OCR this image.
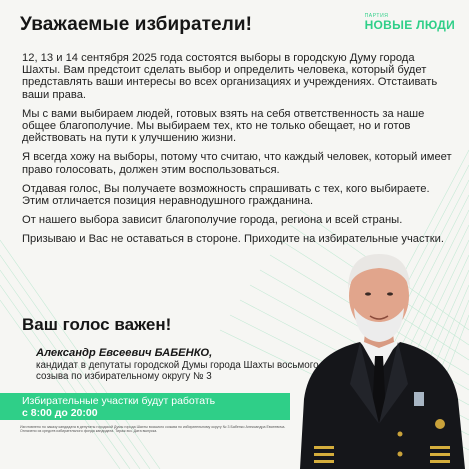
Уважаемые избиратели!	ПАРТИЯ
НОВЫЕ ЛЮДИ

12, 13 и 14 сентября 2025 года состоятся выборы в городскую Думу города Шахты. Вам предстоит сделать выбор и определить человека, который будет представлять ваши интересы во всех организациях и учреждениях. Отстаивать ваши права.

Мы с вами выбираем людей, готовых взять на себя ответственность за наше общее благополучие. Мы выбираем тех, кто не только обещает, но и готов действовать на пути к улучшению жизни.

Я всегда хожу на выборы, потому что считаю, что каждый человек, который имеет право голосовать, должен этим воспользоваться.

Отдавая голос, Вы получаете возможность спрашивать с тех, кого выбираете. Этим отличается позиция неравнодушного гражданина.

От нашего выбора зависит благополучие города, региона и всей страны.

Призываю и Вас не оставаться в стороне. Приходите на избирательные участки.

Ваш голос важен!
Александр Евсеевич БАБЕНКО,
кандидат в депутаты городской Думы города Шахты восьмого созыва по избирательному округу № 3
Избирательные участки будут работать
с 8:00 до 20:00
Изготовлено по заказу кандидата в депутаты городской Думы города Шахты восьмого созыва по избирательному округу № 3 Бабенко Александра Евсеевича. Оплачено из средств избирательного фонда кандидата. Тираж экз. Дата выпуска.
